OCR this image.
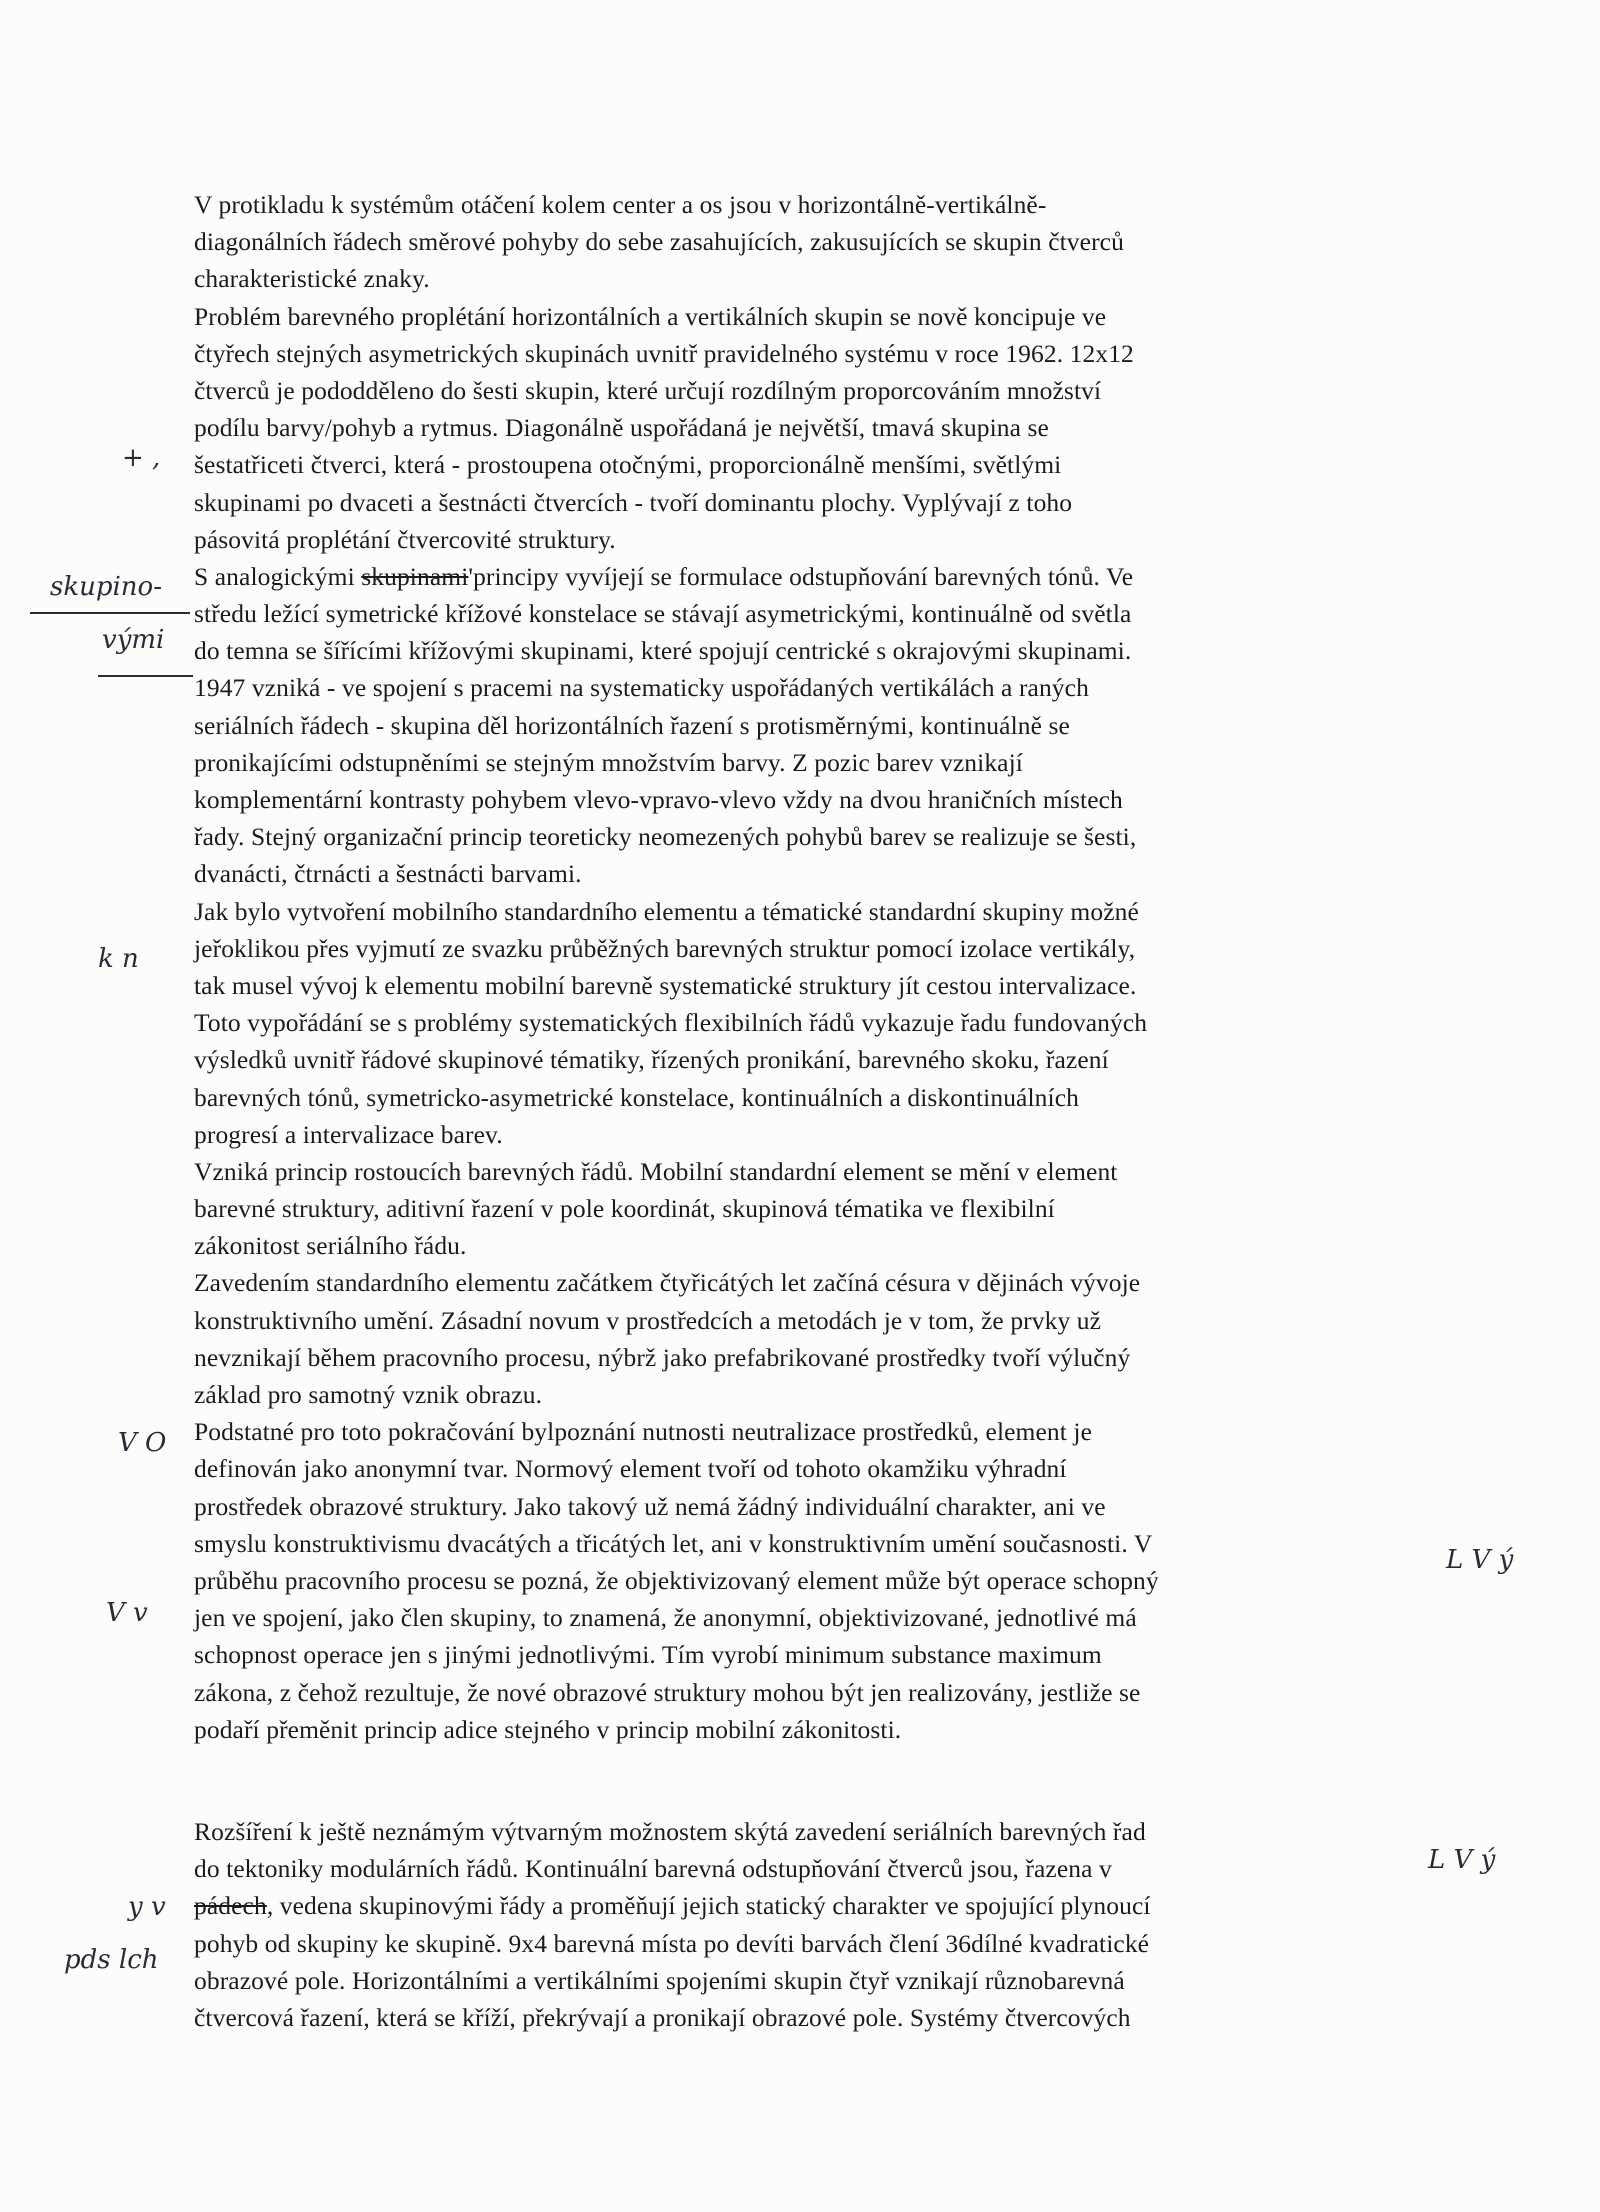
V protikladu k systémům otáčení kolem center a os jsou v horizontálně-vertikálně-
diagonálních řádech směrové pohyby do sebe zasahujících, zakusujících se skupin čtverců
charakteristické znaky.
Problém barevného proplétání horizontálních a vertikálních skupin se nově koncipuje ve
čtyřech stejných asymetrických skupinách uvnitř pravidelného systému v roce 1962. 12x12
čtverců je pododděleno do šesti skupin, které určují rozdílným proporcováním množství
podílu barvy/pohyb a rytmus. Diagonálně uspořádaná je největší, tmavá skupina se
šestatřiceti čtverci, která - prostoupena otočnými, proporcionálně menšími, světlými
skupinami po dvaceti a šestnácti čtvercích - tvoří dominantu plochy. Vyplývají z toho
pásovitá proplétání čtvercovité struktury.
S analogickými skupinami'principy vyvíjejí se formulace odstupňování barevných tónů. Ve
středu ležící symetrické křížové konstelace se stávají asymetrickými, kontinuálně od světla
do temna se šířícími křížovými skupinami, které spojují centrické s okrajovými skupinami.
1947 vzniká - ve spojení s pracemi na systematicky uspořádaných vertikálách a raných
seriálních řádech - skupina děl horizontálních řazení s protisměrnými, kontinuálně se
pronikajícími odstupněními se stejným množstvím barvy. Z pozic barev vznikají
komplementární kontrasty pohybem vlevo-vpravo-vlevo vždy na dvou hraničních místech
řady. Stejný organizační princip teoreticky neomezených pohybů barev se realizuje se šesti,
dvanácti, čtrnácti a šestnácti barvami.
Jak bylo vytvoření mobilního standardního elementu a tématické standardní skupiny možné
jeřoklikou přes vyjmutí ze svazku průběžných barevných struktur pomocí izolace vertikály,
tak musel vývoj k elementu mobilní barevně systematické struktury jít cestou intervalizace.
Toto vypořádání se s problémy systematických flexibilních řádů vykazuje řadu fundovaných
výsledků uvnitř řádové skupinové tématiky, řízených pronikání, barevného skoku, řazení
barevných tónů, symetricko-asymetrické konstelace, kontinuálních a diskontinuálních
progresí a intervalizace barev.
Vzniká princip rostoucích barevných řádů. Mobilní standardní element se mění v element
barevné struktury, aditivní řazení v pole koordinát, skupinová tématika ve flexibilní
zákonitost seriálního řádu.
Zavedením standardního elementu začátkem čtyřicátých let začíná césura v dějinách vývoje
konstruktivního umění. Zásadní novum v prostředcích a metodách je v tom, že prvky už
nevznikají během pracovního procesu, nýbrž jako prefabrikované prostředky tvoří výlučný
základ pro samotný vznik obrazu.
Podstatné pro toto pokračování bylpoznání nutnosti neutralizace prostředků, element je
definován jako anonymní tvar. Normový element tvoří od tohoto okamžiku výhradní
prostředek obrazové struktury. Jako takový už nemá žádný individuální charakter, ani ve
smyslu konstruktivismu dvacátých a třicátých let, ani v konstruktivním umění současnosti. V
průběhu pracovního procesu se pozná, že objektivizovaný element může být operace schopný
jen ve spojení, jako člen skupiny, to znamená, že anonymní, objektivizované, jednotlivé má
schopnost operace jen s jinými jednotlivými. Tím vyrobí minimum substance maximum
zákona, z čehož rezultuje, že nové obrazové struktury mohou být jen realizovány, jestliže se
podaří přeměnit princip adice stejného v princip mobilní zákonitosti.
Rozšíření k ještě neznámým výtvarným možnostem skýtá zavedení seriálních barevných řad
do tektoniky modulárních řádů. Kontinuální barevná odstupňování čtverců jsou, řazena v
pádech, vedena skupinovými řády a proměňují jejich statický charakter ve spojující plynoucí
pohyb od skupiny ke skupině. 9x4 barevná místa po devíti barvách člení 36dílné kvadratické
obrazové pole. Horizontálními a vertikálními spojeními skupin čtyř vznikají různobarevná
čtvercová řazení, která se kříží, překrývají a pronikají obrazové pole. Systémy čtvercových
+ ,
skupino-
vými
k n
V O
V v
L V ý
L V ý
y v
pds lch
